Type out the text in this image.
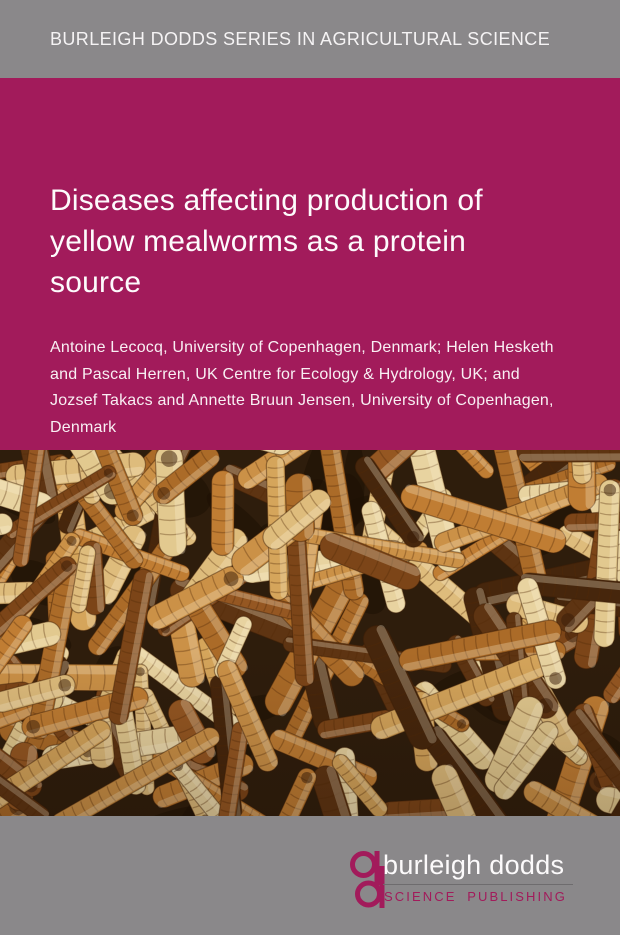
BURLEIGH DODDS SERIES IN AGRICULTURAL SCIENCE
Diseases affecting production of
yellow mealworms as a protein
source
Antoine Lecocq, University of Copenhagen, Denmark; Helen Hesketh
and Pascal Herren, UK Centre for Ecology & Hydrology, UK; and
Jozsef Takacs and Annette Bruun Jensen, University of Copenhagen,
Denmark
burleigh dodds
SCIENCE PUBLISHING
